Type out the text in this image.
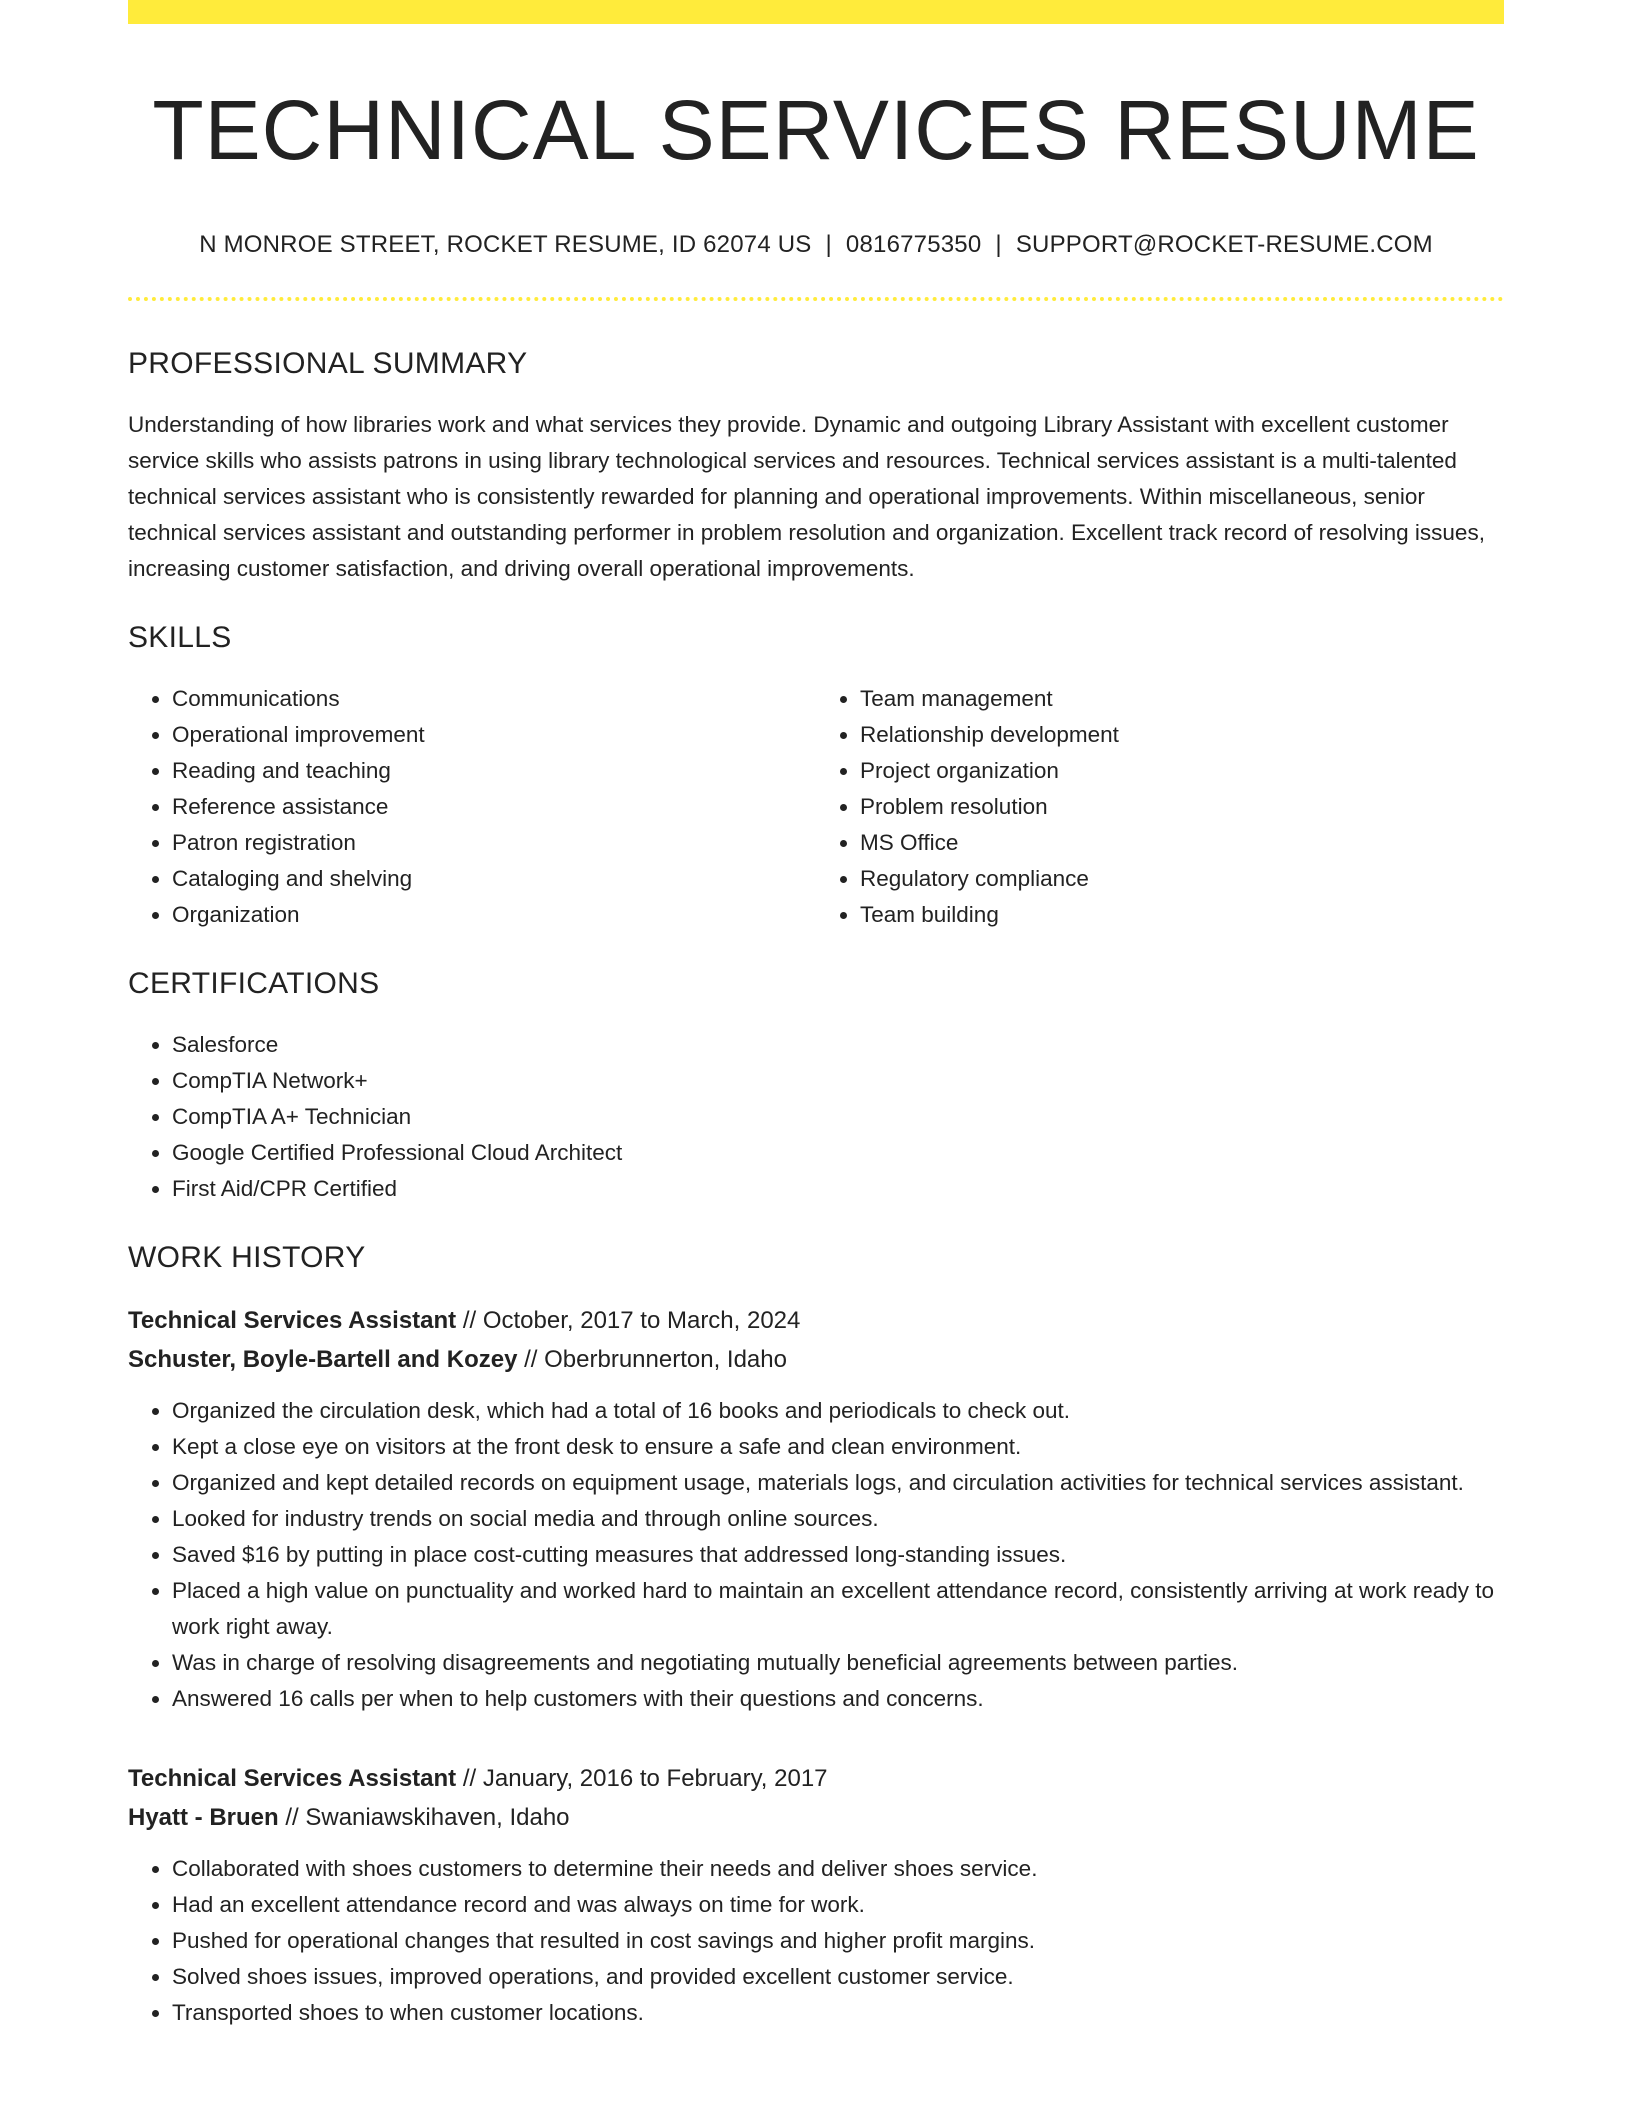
TECHNICAL SERVICES RESUME
N MONROE STREET, ROCKET RESUME, ID 62074 US | 0816775350 | SUPPORT@ROCKET-RESUME.COM
PROFESSIONAL SUMMARY

Understanding of how libraries work and what services they provide. Dynamic and outgoing Library Assistant with excellent customer service skills who assists patrons in using library technological services and resources. Technical services assistant is a multi-talented technical services assistant who is consistently rewarded for planning and operational improvements. Within miscellaneous, senior technical services assistant and outstanding performer in problem resolution and organization. Excellent track record of resolving issues, increasing customer satisfaction, and driving overall operational improvements.

SKILLS
• Communications
• Operational improvement
• Reading and teaching
• Reference assistance
• Patron registration
• Cataloging and shelving
• Organization
• Team management
• Relationship development
• Project organization
• Problem resolution
• MS Office
• Regulatory compliance
• Team building
CERTIFICATIONS
• Salesforce
• CompTIA Network+
• CompTIA A+ Technician
• Google Certified Professional Cloud Architect
• First Aid/CPR Certified
WORK HISTORY
Technical Services Assistant // October, 2017 to March, 2024
Schuster, Boyle-Bartell and Kozey // Oberbrunnerton, Idaho
• Organized the circulation desk, which had a total of 16 books and periodicals to check out.
• Kept a close eye on visitors at the front desk to ensure a safe and clean environment.
• Organized and kept detailed records on equipment usage, materials logs, and circulation activities for technical services assistant.
• Looked for industry trends on social media and through online sources.
• Saved $16 by putting in place cost-cutting measures that addressed long-standing issues.
• Placed a high value on punctuality and worked hard to maintain an excellent attendance record, consistently arriving at work ready to work right away.
• Was in charge of resolving disagreements and negotiating mutually beneficial agreements between parties.
• Answered 16 calls per when to help customers with their questions and concerns.
Technical Services Assistant // January, 2016 to February, 2017
Hyatt - Bruen // Swaniawskihaven, Idaho
• Collaborated with shoes customers to determine their needs and deliver shoes service.
• Had an excellent attendance record and was always on time for work.
• Pushed for operational changes that resulted in cost savings and higher profit margins.
• Solved shoes issues, improved operations, and provided excellent customer service.
• Transported shoes to when customer locations.
